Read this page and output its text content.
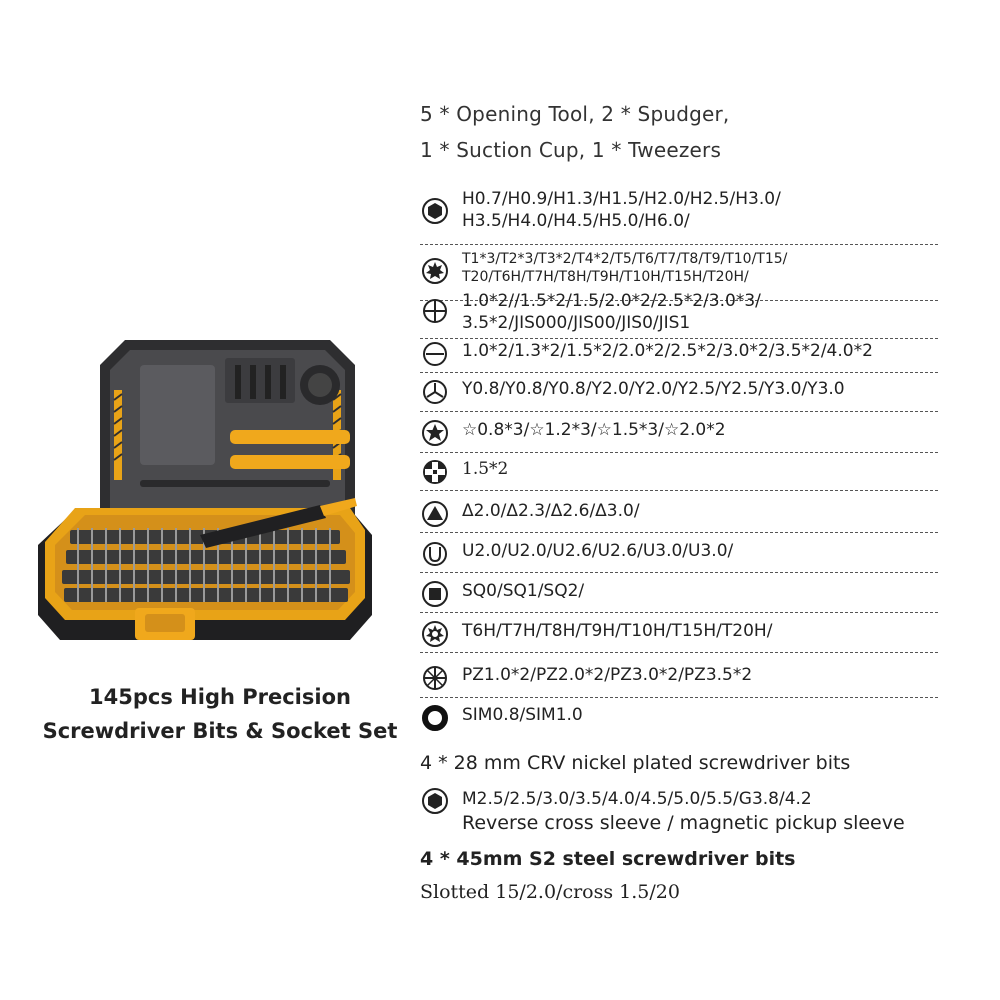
145pcs High Precision
Screwdriver Bits & Socket Set
5 * Opening Tool, 2 * Spudger,
1 * Suction Cup, 1 * Tweezers
H0.7/H0.9/H1.3/H1.5/H2.0/H2.5/H3.0/
H3.5/H4.0/H4.5/H5.0/H6.0/
T1*3/T2*3/T3*2/T4*2/T5/T6/T7/T8/T9/T10/T15/
T20/T6H/T7H/T8H/T9H/T10H/T15H/T20H/
1.0*2//1.5*2/1.5/2.0*2/2.5*2/3.0*3/
3.5*2/JIS000/JIS00/JIS0/JIS1
1.0*2/1.3*2/1.5*2/2.0*2/2.5*2/3.0*2/3.5*2/4.0*2
Y0.8/Y0.8/Y0.8/Y2.0/Y2.0/Y2.5/Y2.5/Y3.0/Y3.0
☆0.8*3/☆1.2*3/☆1.5*3/☆2.0*2
1.5*2
Δ2.0/Δ2.3/Δ2.6/Δ3.0/
U2.0/U2.0/U2.6/U2.6/U3.0/U3.0/
SQ0/SQ1/SQ2/
T6H/T7H/T8H/T9H/T10H/T15H/T20H/
PZ1.0*2/PZ2.0*2/PZ3.0*2/PZ3.5*2
SIM0.8/SIM1.0
4 * 28 mm CRV nickel plated screwdriver bits
M2.5/2.5/3.0/3.5/4.0/4.5/5.0/5.5/G3.8/4.2
Reverse cross sleeve / magnetic pickup sleeve
4 * 45mm S2 steel screwdriver bits
Slotted 15/2.0/cross 1.5/20
